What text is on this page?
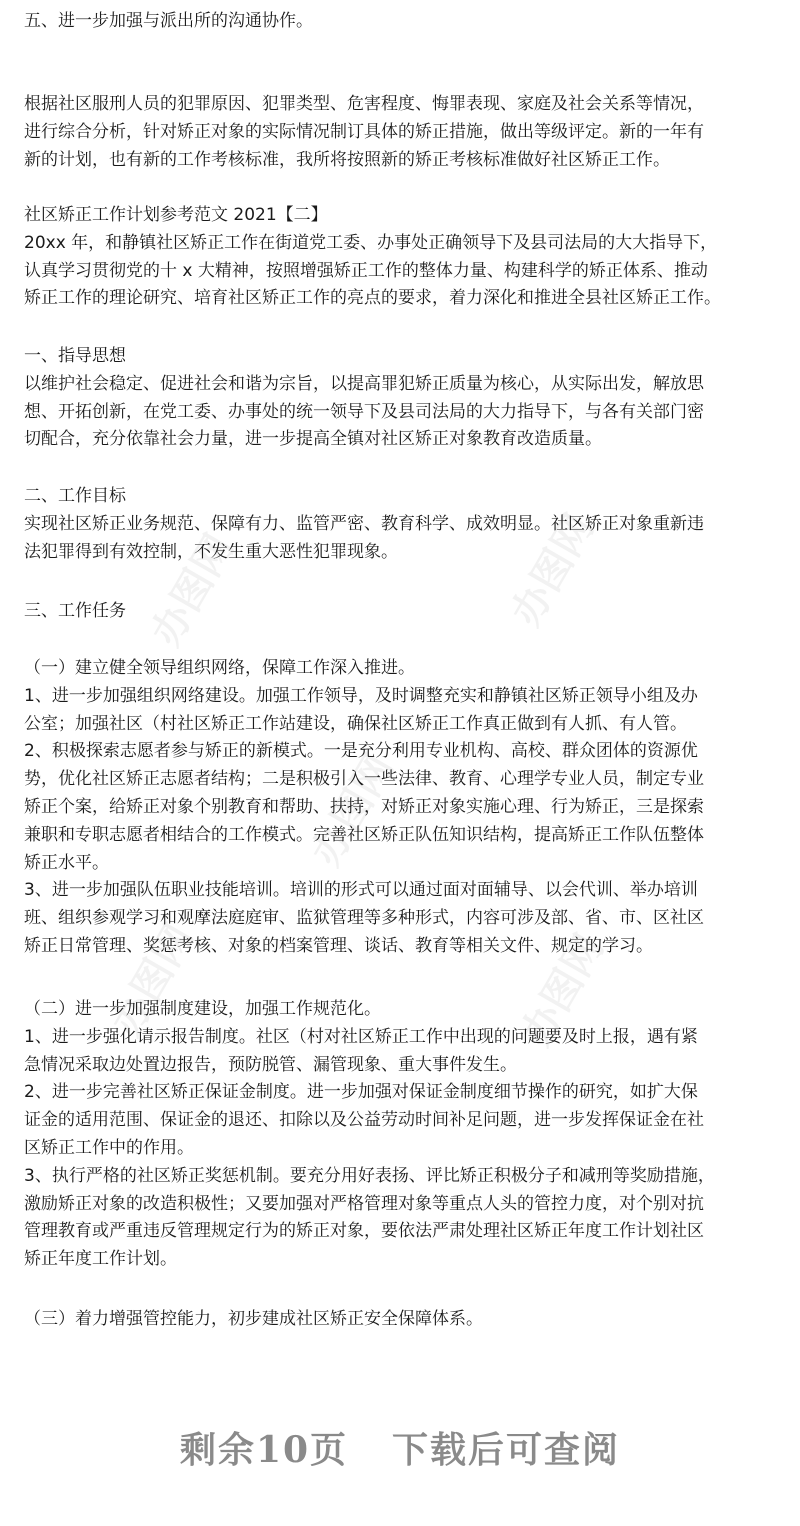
办图网	办图网
办图网
办图网	办图网
五、进一步加强与派出所的沟通协作。
根据社区服刑人员的犯罪原因、犯罪类型、危害程度、悔罪表现、家庭及社会关系等情况，
进行综合分析，针对矫正对象的实际情况制订具体的矫正措施，做出等级评定。新的一年有
新的计划，也有新的工作考核标准，我所将按照新的矫正考核标准做好社区矫正工作。
社区矫正工作计划参考范文 2021【二】
20xx 年，和静镇社区矫正工作在街道党工委、办事处正确领导下及县司法局的大大指导下，
认真学习贯彻党的十 x 大精神，按照增强矫正工作的整体力量、构建科学的矫正体系、推动
矫正工作的理论研究、培育社区矫正工作的亮点的要求，着力深化和推进全县社区矫正工作。
一、指导思想
以维护社会稳定、促进社会和谐为宗旨，以提高罪犯矫正质量为核心，从实际出发，解放思
想、开拓创新，在党工委、办事处的统一领导下及县司法局的大力指导下，与各有关部门密
切配合，充分依靠社会力量，进一步提高全镇对社区矫正对象教育改造质量。
二、工作目标
实现社区矫正业务规范、保障有力、监管严密、教育科学、成效明显。社区矫正对象重新违
法犯罪得到有效控制，不发生重大恶性犯罪现象。
三、工作任务
（一）建立健全领导组织网络，保障工作深入推进。
1、进一步加强组织网络建设。加强工作领导，及时调整充实和静镇社区矫正领导小组及办
公室；加强社区（村社区矫正工作站建设，确保社区矫正工作真正做到有人抓、有人管。
2、积极探索志愿者参与矫正的新模式。一是充分利用专业机构、高校、群众团体的资源优
势，优化社区矫正志愿者结构；二是积极引入一些法律、教育、心理学专业人员，制定专业
矫正个案，给矫正对象个别教育和帮助、扶持，对矫正对象实施心理、行为矫正，三是探索
兼职和专职志愿者相结合的工作模式。完善社区矫正队伍知识结构，提高矫正工作队伍整体
矫正水平。
3、进一步加强队伍职业技能培训。培训的形式可以通过面对面辅导、以会代训、举办培训
班、组织参观学习和观摩法庭庭审、监狱管理等多种形式，内容可涉及部、省、市、区社区
矫正日常管理、奖惩考核、对象的档案管理、谈话、教育等相关文件、规定的学习。
（二）进一步加强制度建设，加强工作规范化。
1、进一步强化请示报告制度。社区（村对社区矫正工作中出现的问题要及时上报，遇有紧
急情况采取边处置边报告，预防脱管、漏管现象、重大事件发生。
2、进一步完善社区矫正保证金制度。进一步加强对保证金制度细节操作的研究，如扩大保
证金的适用范围、保证金的退还、扣除以及公益劳动时间补足问题，进一步发挥保证金在社
区矫正工作中的作用。
3、执行严格的社区矫正奖惩机制。要充分用好表扬、评比矫正积极分子和减刑等奖励措施，
激励矫正对象的改造积极性；又要加强对严格管理对象等重点人头的管控力度，对个别对抗
管理教育或严重违反管理规定行为的矫正对象，要依法严肃处理社区矫正年度工作计划社区
矫正年度工作计划。
（三）着力增强管控能力，初步建成社区矫正安全保障体系。
剩余10页 下载后可查阅
